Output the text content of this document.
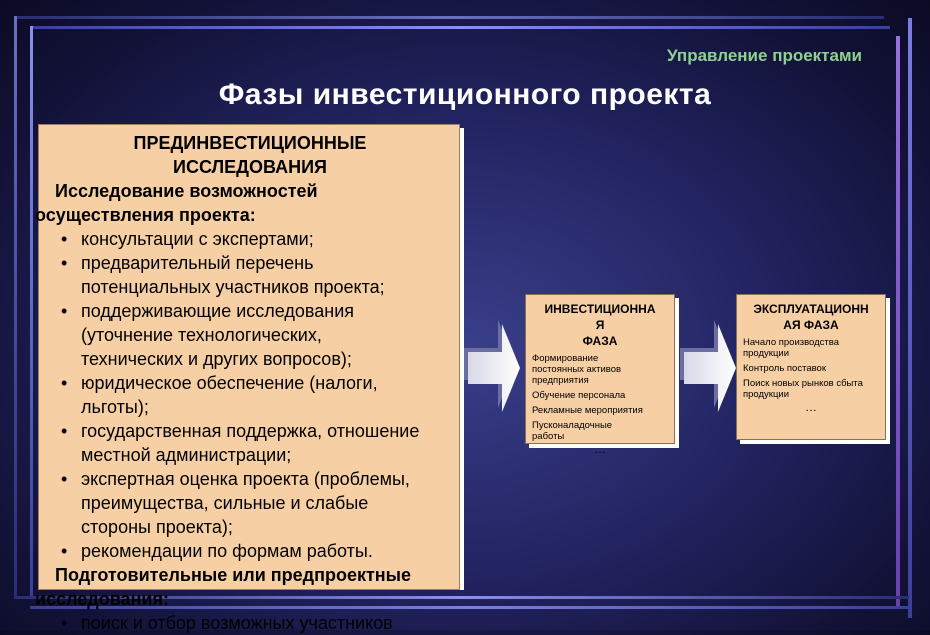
Управление проектами
Фазы инвестиционного проекта
ПРЕДИНВЕСТИЦИОННЫЕ
ИССЛЕДОВАНИЯ
Исследование возможностей
осуществления проекта:
• консультации с экспертами;
• предварительный перечень
потенциальных участников проекта;
• поддерживающие исследования
(уточнение технологических,
технических и других вопросов);
• юридическое обеспечение (налоги,
льготы);
• государственная поддержка, отношение
местной администрации;
• экспертная оценка проекта (проблемы,
преимущества, сильные и слабые
стороны проекта);
• рекомендации по формам работы.
Подготовительные или предпроектные
исследования:
• поиск и отбор возможных участников
ИНВЕСТИЦИОННА
Я
ФАЗА
Формирование постоянных активов предприятия
Обучение персонала
Рекламные мероприятия
Пусконаладочные работы
…
ЭКСПЛУАТАЦИОНН
АЯ ФАЗА
Начало производства продукции
Контроль поставок
Поиск новых рынков сбыта продукции
…
